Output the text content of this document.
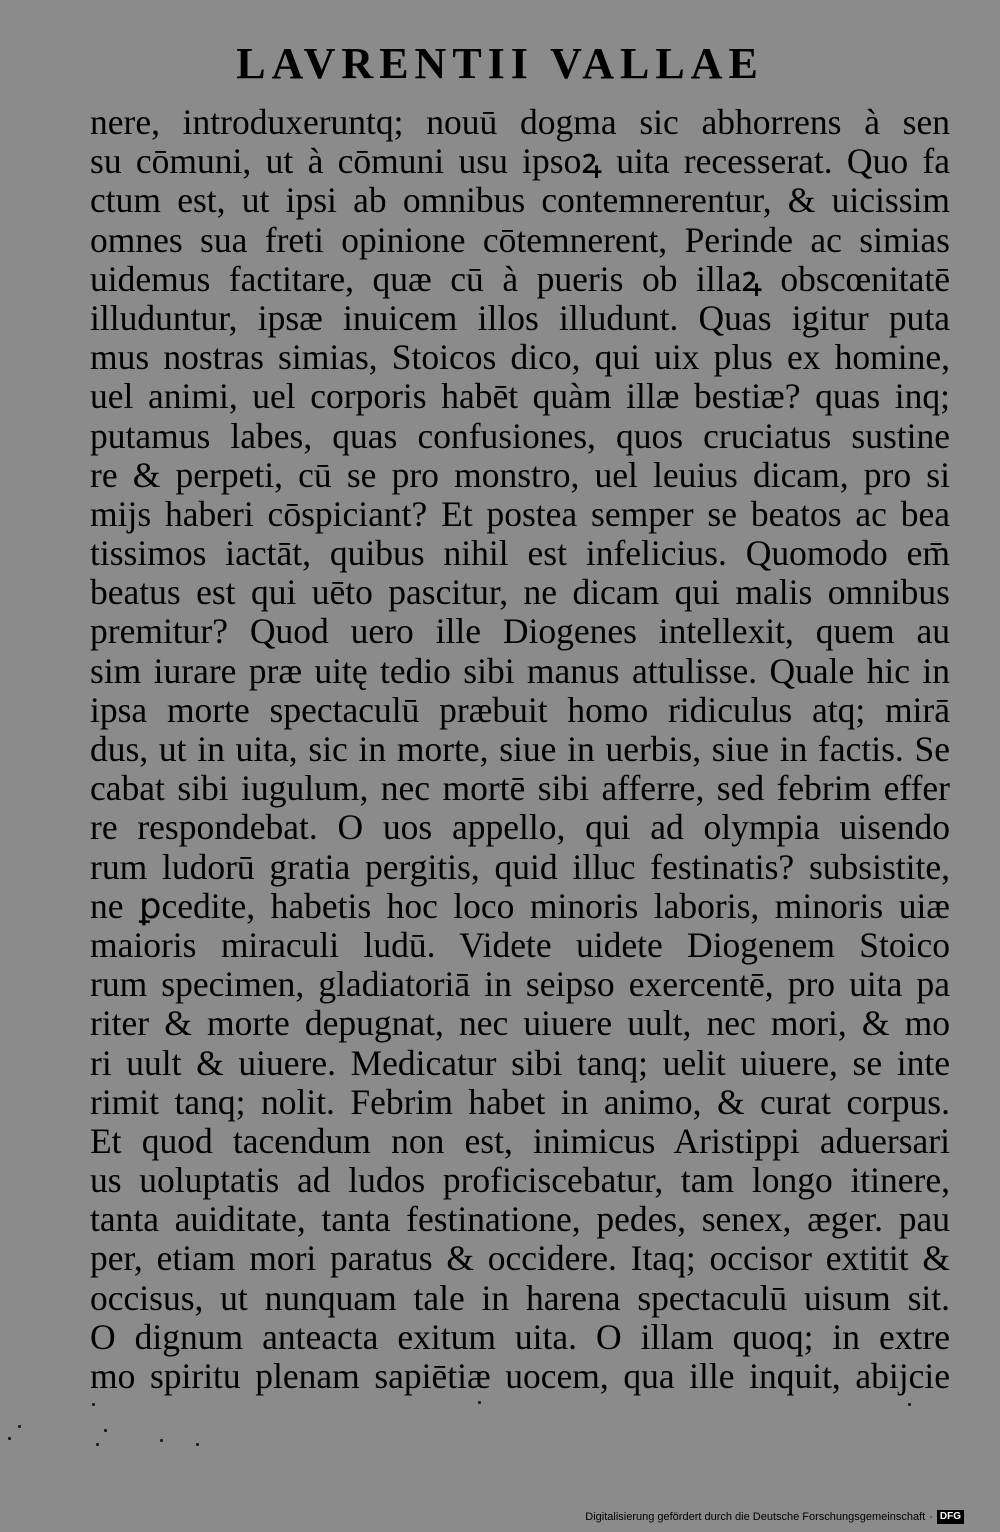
LAVRENTII VALLAE
nere, introduxeruntq; nouū dogma sic abhorrens à sen
su cōmuni, ut à cōmuni usu ipsoꝝ uita recesserat. Quo fa
ctum est, ut ipsi ab omnibus contemnerentur, & uicissim
omnes sua freti opinione cōtemnerent, Perinde ac simias
uidemus factitare, quæ cū à pueris ob illaꝝ obscœnitatē
illuduntur, ipsæ inuicem illos illudunt. Quas igitur puta
mus nostras simias, Stoicos dico, qui uix plus ex homine,
uel animi, uel corporis habēt quàm illæ bestiæ? quas inq;
putamus labes, quas confusiones, quos cruciatus sustine
re & perpeti, cū se pro monstro, uel leuius dicam, pro si
mijs haberi cōspiciant? Et postea semper se beatos ac bea
tissimos iactāt, quibus nihil est infelicius. Quomodo em̄
beatus est qui uēto pascitur, ne dicam qui malis omnibus
premitur? Quod uero ille Diogenes intellexit, quem au
sim iurare præ uitę tedio sibi manus attulisse. Quale hic in
ipsa morte spectaculū præbuit homo ridiculus atq; mirā
dus, ut in uita, sic in morte, siue in uerbis, siue in factis. Se
cabat sibi iugulum, nec mortē sibi afferre, sed febrim effer
re respondebat. O uos appello, qui ad olympia uisendo
rum ludorū gratia pergitis, quid illuc festinatis? subsistite,
ne ꝑcedite, habetis hoc loco minoris laboris, minoris uiæ
maioris miraculi ludū. Videte uidete Diogenem Stoico
rum specimen, gladiatoriā in seipso exercentē, pro uita pa
riter & morte depugnat, nec uiuere uult, nec mori, & mo
ri uult & uiuere. Medicatur sibi tanq; uelit uiuere, se inte
rimit tanq; nolit. Febrim habet in animo, & curat corpus.
Et quod tacendum non est, inimicus Aristippi aduersari
us uoluptatis ad ludos proficiscebatur, tam longo itinere,
tanta auiditate, tanta festinatione, pedes, senex, æger. pau
per, etiam mori paratus & occidere. Itaq; occisor extitit &
occisus, ut nunquam tale in harena spectaculū uisum sit.
O dignum anteacta exitum uita. O illam quoq; in extre
mo spiritu plenam sapiētiæ uocem, qua ille inquit, abijcie
Digitalisierung gefördert durch die Deutsche Forschungsgemeinschaft · DFG
